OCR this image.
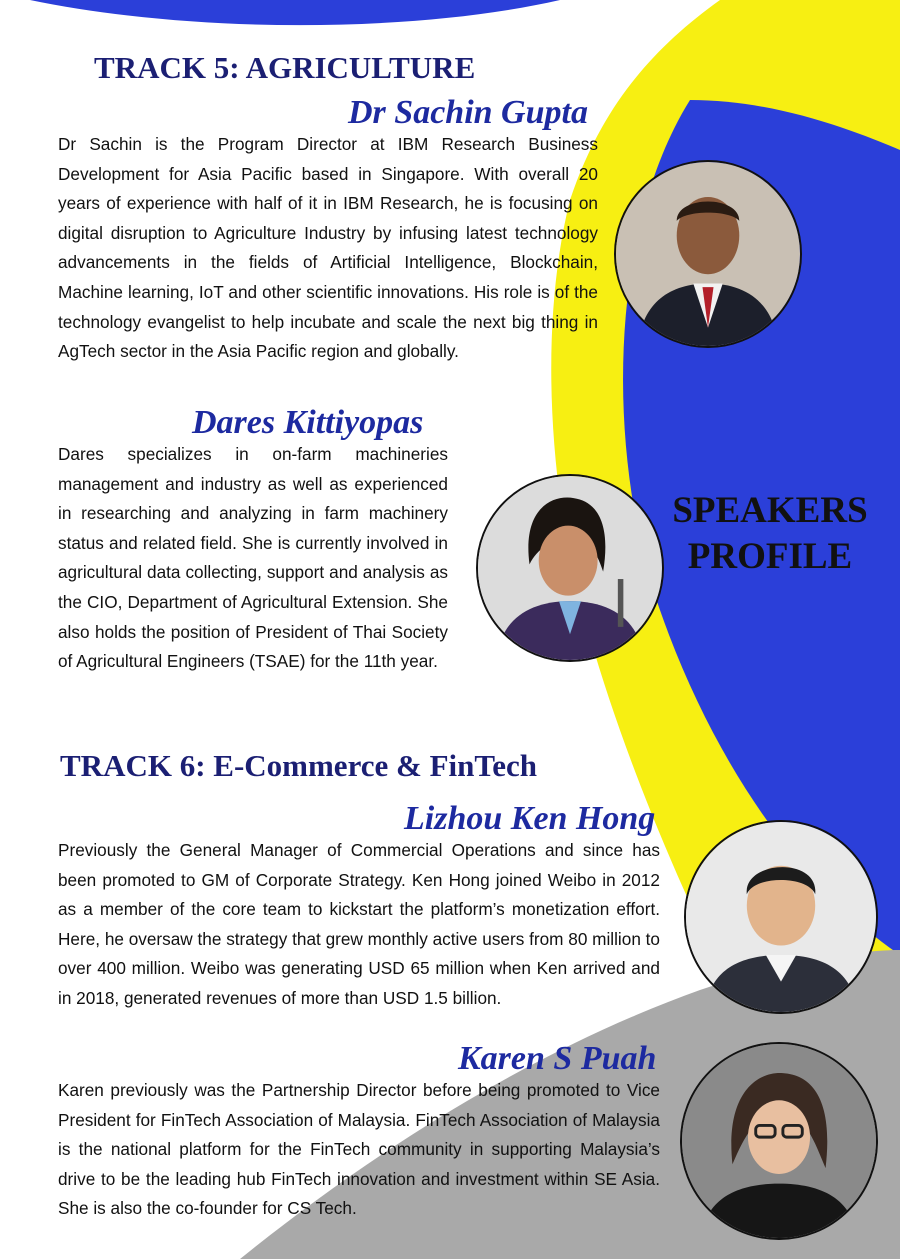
TRACK 5: AGRICULTURE
Dr Sachin Gupta

Dr Sachin is the Program Director at IBM Research Business Development for Asia Pacific based in Singapore. With overall 20 years of experience with half of it in IBM Research, he is focusing on digital disruption to Agriculture Industry by infusing latest technology advancements in the fields of Artificial Intelligence, Blockchain, Machine learning, IoT and other scientific innovations. His role is of the technology evangelist to help incubate and scale the next big thing in AgTech sector in the Asia Pacific region and globally.

Dares Kittiyopas

Dares specializes in on-farm machineries management and industry as well as experienced in researching and analyzing in farm machinery status and related field. She is currently involved in agricultural data collecting, support and analysis as the CIO, Department of Agricultural Extension. She also holds the position of President of Thai Society of Agricultural Engineers (TSAE) for the 11th year.

SPEAKERS
PROFILE

TRACK 6: E-Commerce & FinTech
Lizhou Ken Hong

Previously the General Manager of Commercial Operations and since has been promoted to GM of Corporate Strategy. Ken Hong joined Weibo in 2012 as a member of the core team to kickstart the platform’s monetization effort. Here, he oversaw the strategy that grew monthly active users from 80 million to over 400 million. Weibo was generating USD 65 million when Ken arrived and in 2018, generated revenues of more than USD 1.5 billion.

Karen S Puah

Karen previously was the Partnership Director before being promoted to Vice President for FinTech Association of Malaysia. FinTech Association of Malaysia is the national platform for the FinTech community in supporting Malaysia’s drive to be the leading hub FinTech innovation and investment within SE Asia. She is also the co-founder for CS Tech.
